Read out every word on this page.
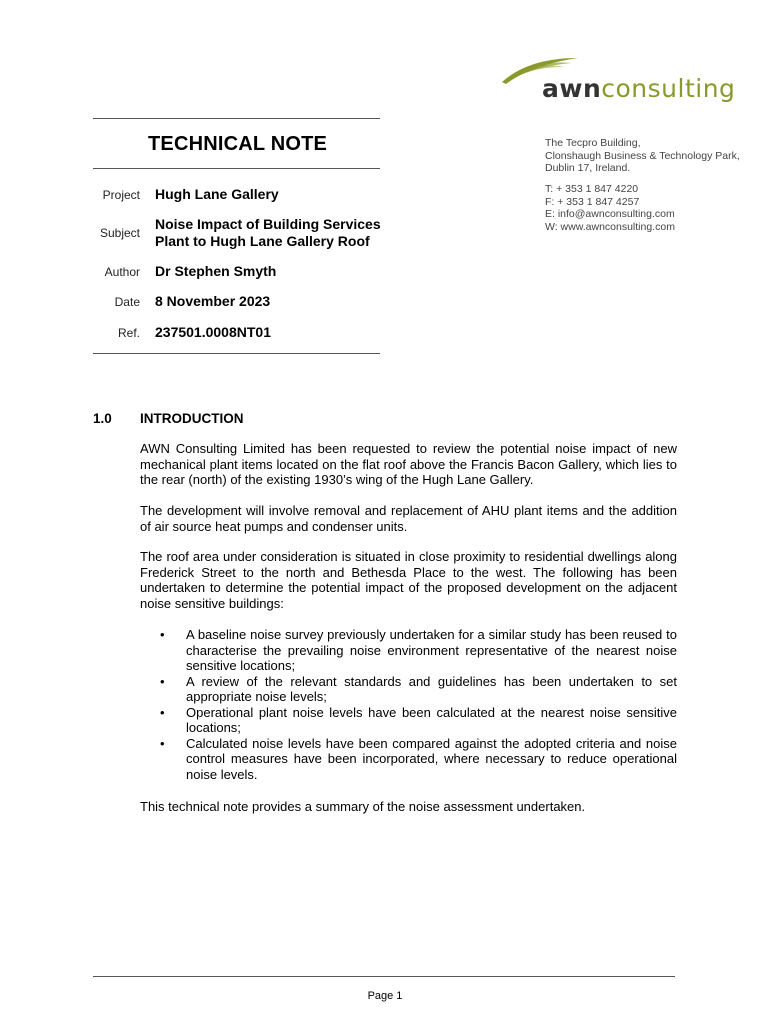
awnconsulting
TECHNICAL NOTE
Project Hugh Lane Gallery
Subject
Noise Impact of Building Services
Plant to Hugh Lane Gallery Roof
Author Dr Stephen Smyth
Date 8 November 2023
Ref. 237501.0008NT01
The Tecpro Building,
Clonshaugh Business & Technology Park,
Dublin 17, Ireland.
T: + 353 1 847 4220
F: + 353 1 847 4257
E: info@awnconsulting.com
W: www.awnconsulting.com
1.0 INTRODUCTION
AWN Consulting Limited has been requested to review the potential noise impact of new mechanical plant items located on the flat roof above the Francis Bacon Gallery, which lies to the rear (north) of the existing 1930’s wing of the Hugh Lane Gallery.
The development will involve removal and replacement of AHU plant items and the addition of air source heat pumps and condenser units.
The roof area under consideration is situated in close proximity to residential dwellings along Frederick Street to the north and Bethesda Place to the west. The following has been undertaken to determine the potential impact of the proposed development on the adjacent noise sensitive buildings:
• A baseline noise survey previously undertaken for a similar study has been reused to characterise the prevailing noise environment representative of the nearest noise sensitive locations;
• A review of the relevant standards and guidelines has been undertaken to set appropriate noise levels;
• Operational plant noise levels have been calculated at the nearest noise sensitive locations;
• Calculated noise levels have been compared against the adopted criteria and noise control measures have been incorporated, where necessary to reduce operational noise levels.
This technical note provides a summary of the noise assessment undertaken.
Page 1
